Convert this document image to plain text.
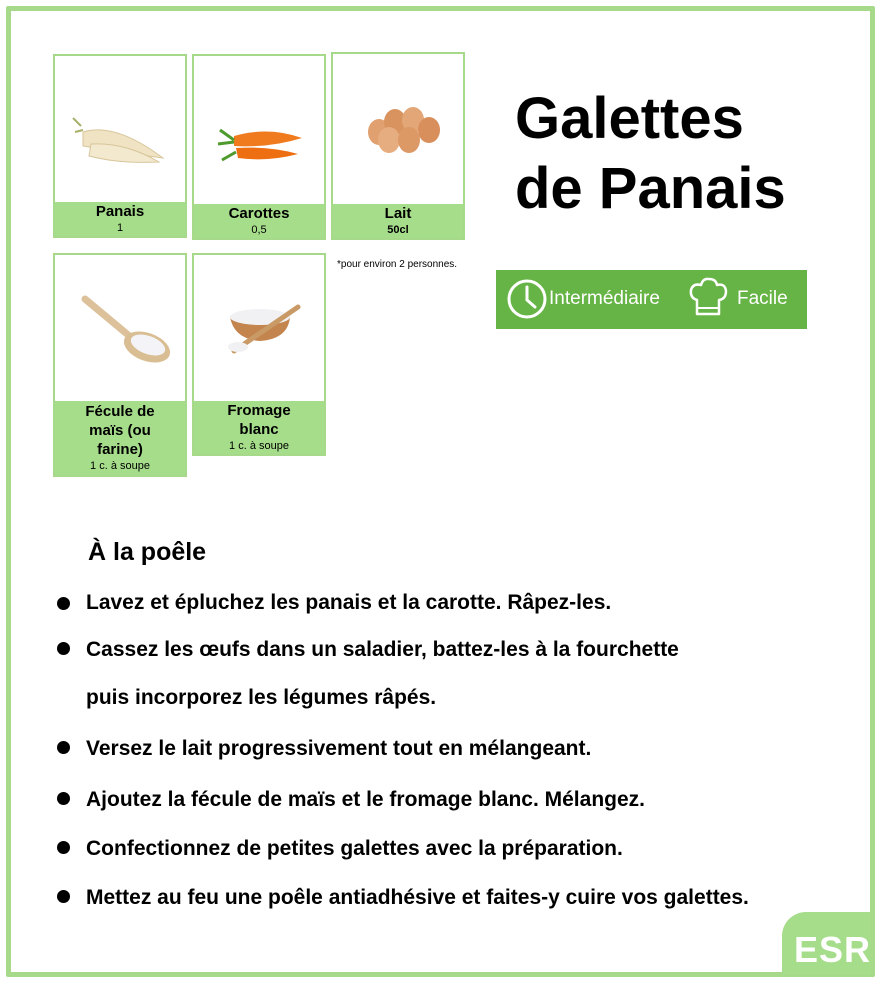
Panais
1
Carottes
0,5
Lait
50cl
Fécule de maïs (ou farine)
1 c. à soupe
Fromage blanc
1 c. à soupe
*pour environ 2 personnes.
Galettes
de Panais
Intermédiaire	Facile
À la poêle
Lavez et épluchez les panais et la carotte. Râpez-les.
Cassez les œufs dans un saladier, battez-les à la fourchette puis incorporez les légumes râpés.
Versez le lait progressivement tout en mélangeant.
Ajoutez la fécule de maïs et le fromage blanc. Mélangez.
Confectionnez de petites galettes avec la préparation.
Mettez au feu une poêle antiadhésive et faites-y cuire vos galettes.
ESR
